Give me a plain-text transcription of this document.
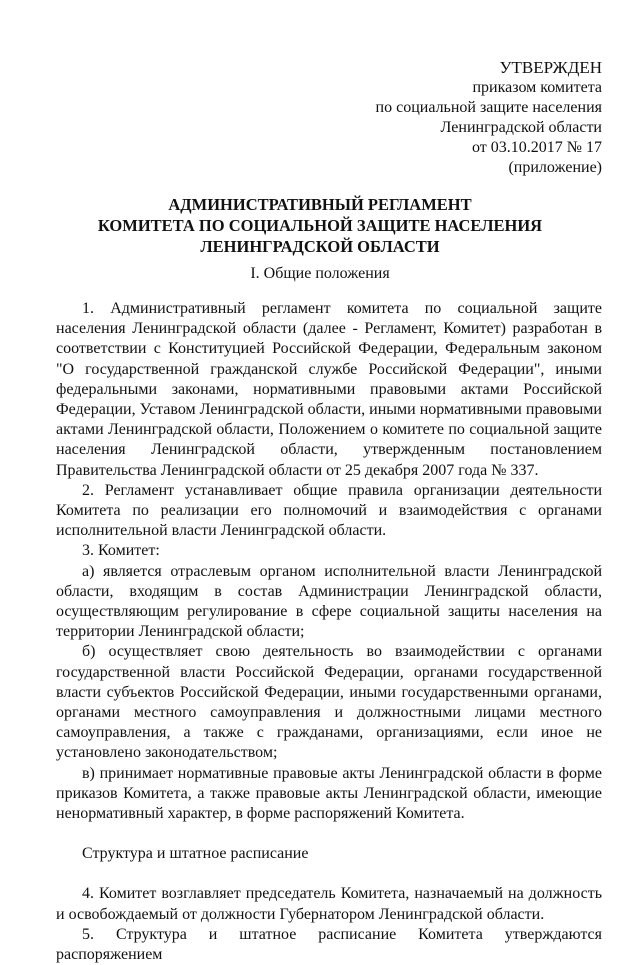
УТВЕРЖДЕН
приказом комитета
по социальной защите населения
Ленинградской области
от 03.10.2017 № 17
(приложение)
АДМИНИСТРАТИВНЫЙ РЕГЛАМЕНТ
КОМИТЕТА ПО СОЦИАЛЬНОЙ ЗАЩИТЕ НАСЕЛЕНИЯ
ЛЕНИНГРАДСКОЙ ОБЛАСТИ
I. Общие положения

1. Административный регламент комитета по социальной защите населения Ленинградской области (далее - Регламент, Комитет) разработан в соответствии с Конституцией Российской Федерации, Федеральным законом "О государственной гражданской службе Российской Федерации", иными федеральными законами, нормативными правовыми актами Российской Федерации, Уставом Ленинградской области, иными нормативными правовыми актами Ленинградской области, Положением о комитете по социальной защите населения Ленинградской области, утвержденным постановлением Правительства Ленинградской области от 25 декабря 2007 года № 337.

2. Регламент устанавливает общие правила организации деятельности Комитета по реализации его полномочий и взаимодействия с органами исполнительной власти Ленинградской области.

3. Комитет:

а) является отраслевым органом исполнительной власти Ленинградской области, входящим в состав Администрации Ленинградской области, осуществляющим регулирование в сфере социальной защиты населения на территории Ленинградской области;

б) осуществляет свою деятельность во взаимодействии с органами государственной власти Российской Федерации, органами государственной власти субъектов Российской Федерации, иными государственными органами, органами местного самоуправления и должностными лицами местного самоуправления, а также с гражданами, организациями, если иное не установлено законодательством;

в) принимает нормативные правовые акты Ленинградской области в форме приказов Комитета, а также правовые акты Ленинградской области, имеющие ненормативный характер, в форме распоряжений Комитета.

Структура и штатное расписание

4. Комитет возглавляет председатель Комитета, назначаемый на должность и освобождаемый от должности Губернатором Ленинградской области.

5. Структура и штатное расписание Комитета утверждаются распоряжением
